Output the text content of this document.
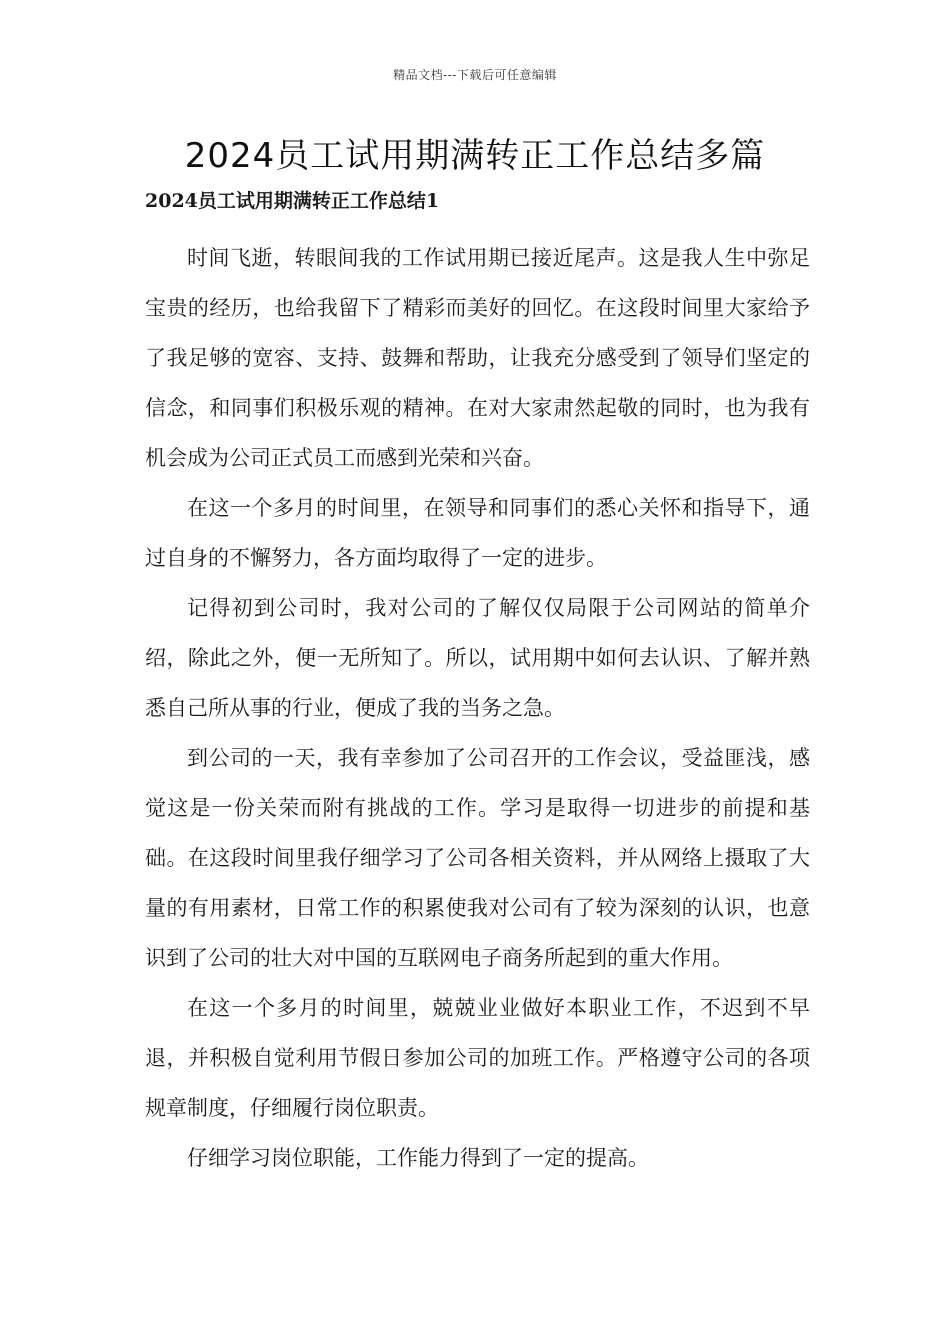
精品文档---下载后可任意编辑
2024员工试用期满转正工作总结多篇
2024员工试用期满转正工作总结1

时间飞逝，转眼间我的工作试用期已接近尾声。这是我人生中弥足宝贵的经历，也给我留下了精彩而美好的回忆。在这段时间里大家给予了我足够的宽容、支持、鼓舞和帮助，让我充分感受到了领导们坚定的信念，和同事们积极乐观的精神。在对大家肃然起敬的同时，也为我有机会成为公司正式员工而感到光荣和兴奋。

在这一个多月的时间里，在领导和同事们的悉心关怀和指导下，通过自身的不懈努力，各方面均取得了一定的进步。

记得初到公司时，我对公司的了解仅仅局限于公司网站的简单介绍，除此之外，便一无所知了。所以，试用期中如何去认识、了解并熟悉自己所从事的行业，便成了我的当务之急。

到公司的一天，我有幸参加了公司召开的工作会议，受益匪浅，感觉这是一份关荣而附有挑战的工作。学习是取得一切进步的前提和基础。在这段时间里我仔细学习了公司各相关资料，并从网络上摄取了大量的有用素材，日常工作的积累使我对公司有了较为深刻的认识，也意识到了公司的壮大对中国的互联网电子商务所起到的重大作用。

在这一个多月的时间里，兢兢业业做好本职业工作，不迟到不早退，并积极自觉利用节假日参加公司的加班工作。严格遵守公司的各项规章制度，仔细履行岗位职责。

仔细学习岗位职能，工作能力得到了一定的提高。
